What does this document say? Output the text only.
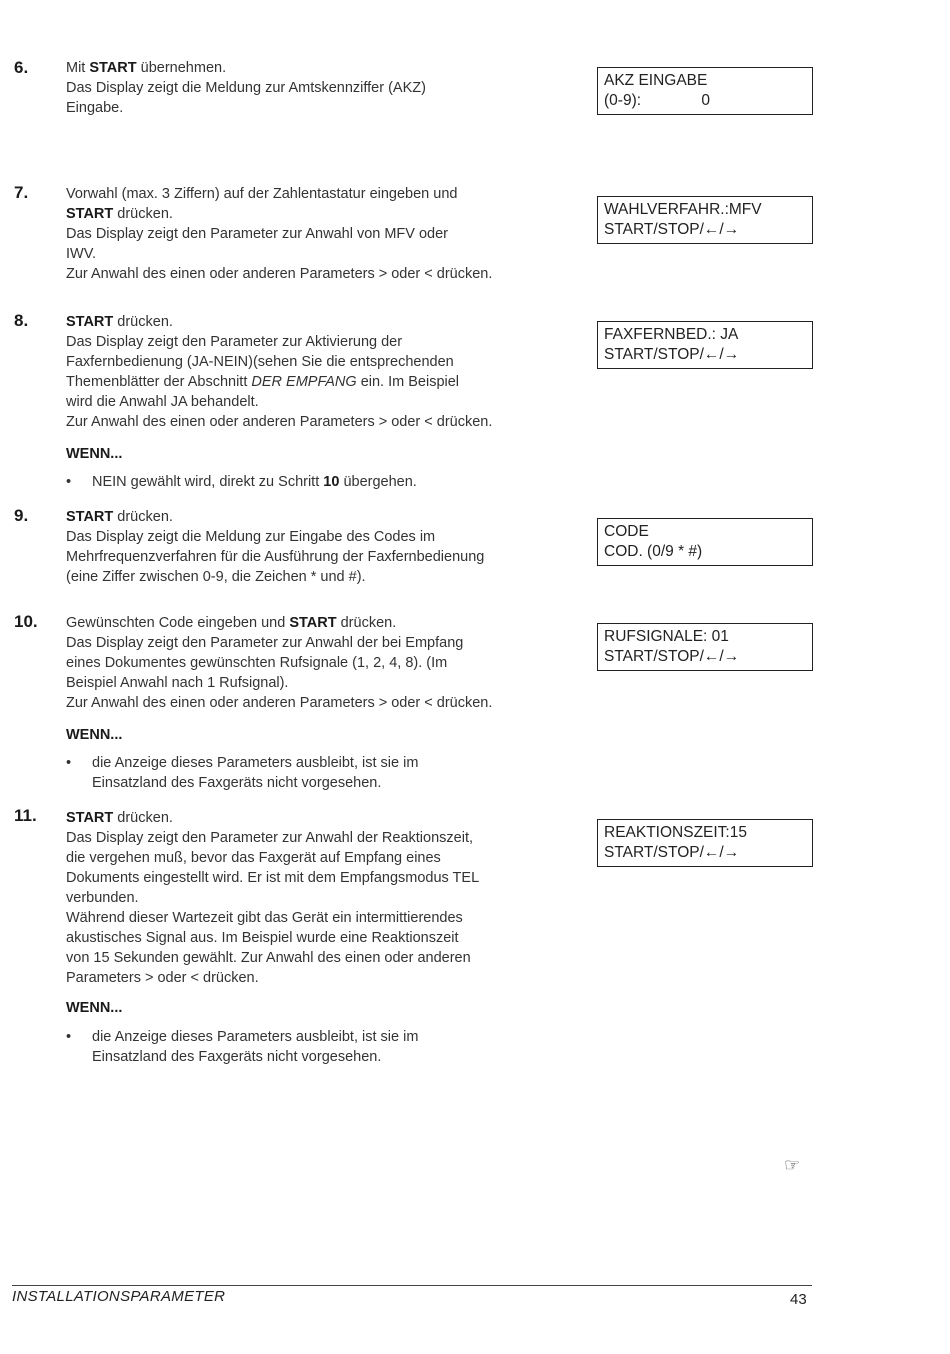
6.	Mit START übernehmen.

Das Display zeigt die Meldung zur Amtskennziffer (AKZ)

Eingabe.

AKZ EINGABE
(0-9):              0
7.	Vorwahl (max. 3 Ziffern) auf der Zahlentastatur eingeben und

START drücken.

Das Display zeigt den Parameter zur Anwahl von MFV oder

IWV.

Zur Anwahl des einen oder anderen Parameters > oder < drücken.

WAHLVERFAHR.:MFV
START/STOP/←/→
8.	START drücken.

Das Display zeigt den Parameter zur Aktivierung der

Faxfernbedienung (JA-NEIN)(sehen Sie die entsprechenden

Themenblätter der Abschnitt DER EMPFANG ein. Im Beispiel

wird die Anwahl JA behandelt.

Zur Anwahl des einen oder anderen Parameters > oder < drücken.

FAXFERNBED.: JA
START/STOP/←/→
WENN...
• NEIN gewählt wird, direkt zu Schritt 10 übergehen.
9.	START drücken.

Das Display zeigt die Meldung zur Eingabe des Codes im

Mehrfrequenzverfahren für die Ausführung der Faxfernbedienung

(eine Ziffer zwischen 0-9, die Zeichen * und #).

CODE
COD. (0/9 * #)
10. Gewünschten Code eingeben und START drücken.

Das Display zeigt den Parameter zur Anwahl der bei Empfang

eines Dokumentes gewünschten Rufsignale (1, 2, 4, 8). (Im

Beispiel Anwahl nach 1 Rufsignal).

Zur Anwahl des einen oder anderen Parameters > oder < drücken.

RUFSIGNALE: 01
START/STOP/←/→
WENN...
• die Anzeige dieses Parameters ausbleibt, ist sie im
Einsatzland des Faxgeräts nicht vorgesehen.
11. START drücken.

Das Display zeigt den Parameter zur Anwahl der Reaktionszeit,

die vergehen muß, bevor das Faxgerät auf Empfang eines

Dokuments eingestellt wird. Er ist mit dem Empfangsmodus TEL

verbunden.

Während dieser Wartezeit gibt das Gerät ein intermittierendes

akustisches Signal aus. Im Beispiel wurde eine Reaktionszeit

von 15 Sekunden gewählt. Zur Anwahl des einen oder anderen

Parameters > oder < drücken.

REAKTIONSZEIT:15
START/STOP/←/→
WENN...
• die Anzeige dieses Parameters ausbleibt, ist sie im
Einsatzland des Faxgeräts nicht vorgesehen.
☞
INSTALLATIONSPARAMETER	43
